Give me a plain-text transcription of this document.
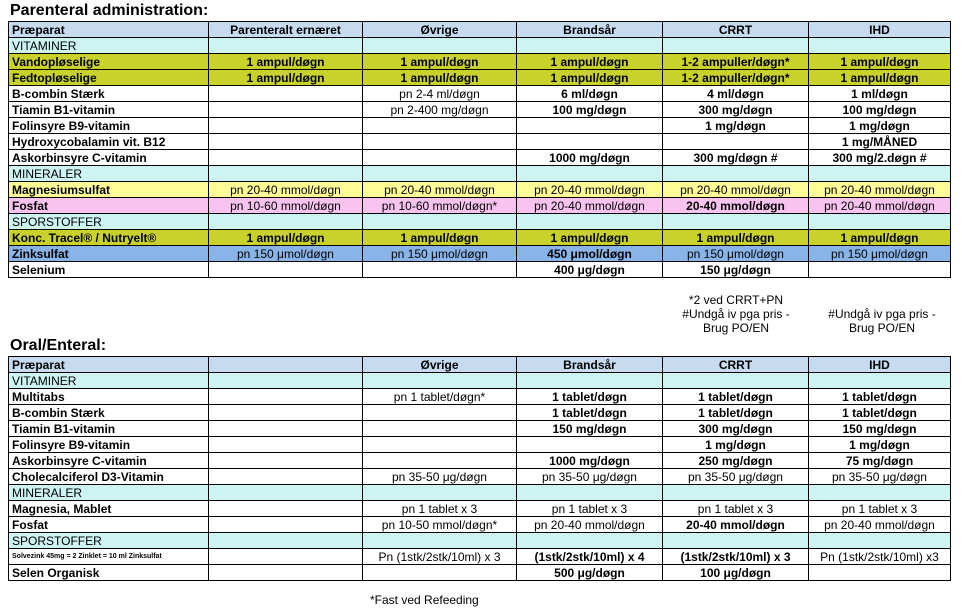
Parenteral administration:
Præparat	Parenteralt ernæret	Øvrige	Brandsår	CRRT	IHD
VITAMINER					
Vandopløselige	1 ampul/døgn	1 ampul/døgn	1 ampul/døgn	1-2 ampuller/døgn*	1 ampul/døgn
Fedtopløselige	1 ampul/døgn	1 ampul/døgn	1 ampul/døgn	1-2 ampuller/døgn*	1 ampul/døgn
B-combin Stærk		pn 2-4 ml/døgn	6 ml/døgn	4 ml/døgn	1 ml/døgn
Tiamin B1-vitamin		pn 2-400 mg/døgn	100 mg/døgn	300 mg/døgn	100 mg/døgn
Folinsyre B9-vitamin				1 mg/døgn	1 mg/døgn
Hydroxycobalamin vit. B12					1 mg/MÅNED
Askorbinsyre C-vitamin			1000 mg/døgn	300 mg/døgn #	300 mg/2.døgn #
MINERALER					
Magnesiumsulfat	pn 20-40 mmol/døgn	pn 20-40 mmol/døgn	pn 20-40 mmol/døgn	pn 20-40 mmol/døgn	pn 20-40 mmol/døgn
Fosfat	pn 10-60 mmol/døgn	pn 10-60 mmol/døgn*	pn 20-40 mmol/døgn	20-40 mmol/døgn	pn 20-40 mmol/døgn
SPORSTOFFER					
Konc. Tracel® / Nutryelt®	1 ampul/døgn	1 ampul/døgn	1 ampul/døgn	1 ampul/døgn	1 ampul/døgn
Zinksulfat	pn 150 μmol/døgn	pn 150 μmol/døgn	450 μmol/døgn	pn 150 μmol/døgn	pn 150 μmol/døgn
Selenium			400 μg/døgn	150 μg/døgn	
*2 ved CRRT+PN
#Undgå iv pga pris -
Brug PO/EN
#Undgå iv pga pris -
Brug PO/EN
Oral/Enteral:
Præparat		Øvrige	Brandsår	CRRT	IHD
VITAMINER					
Multitabs		pn 1 tablet/døgn*	1 tablet/døgn	1 tablet/døgn	1 tablet/døgn
B-combin Stærk			1 tablet/døgn	1 tablet/døgn	1 tablet/døgn
Tiamin B1-vitamin			150 mg/døgn	300 mg/døgn	150 mg/døgn
Folinsyre B9-vitamin				1 mg/døgn	1 mg/døgn
Askorbinsyre C-vitamin			1000 mg/døgn	250 mg/døgn	75 mg/døgn
Cholecalciferol D3-Vitamin		pn 35-50 μg/døgn	pn 35-50 μg/døgn	pn 35-50 μg/døgn	pn 35-50 μg/døgn
MINERALER					
Magnesia, Mablet		pn 1 tablet x 3	pn 1 tablet x 3	pn 1 tablet x 3	pn 1 tablet x 3
Fosfat		pn 10-50 mmol/døgn*	pn 20-40 mmol/døgn	20-40 mmol/døgn	pn 20-40 mmol/døgn
SPORSTOFFER					
Solvezink 45mg = 2 Zinklet = 10 ml Zinksulfat		Pn (1stk/2stk/10ml) x 3	(1stk/2stk/10ml) x 4	(1stk/2stk/10ml) x 3	Pn (1stk/2stk/10ml) x3
Selen Organisk			500 μg/døgn	100 μg/døgn	
*Fast ved Refeeding
